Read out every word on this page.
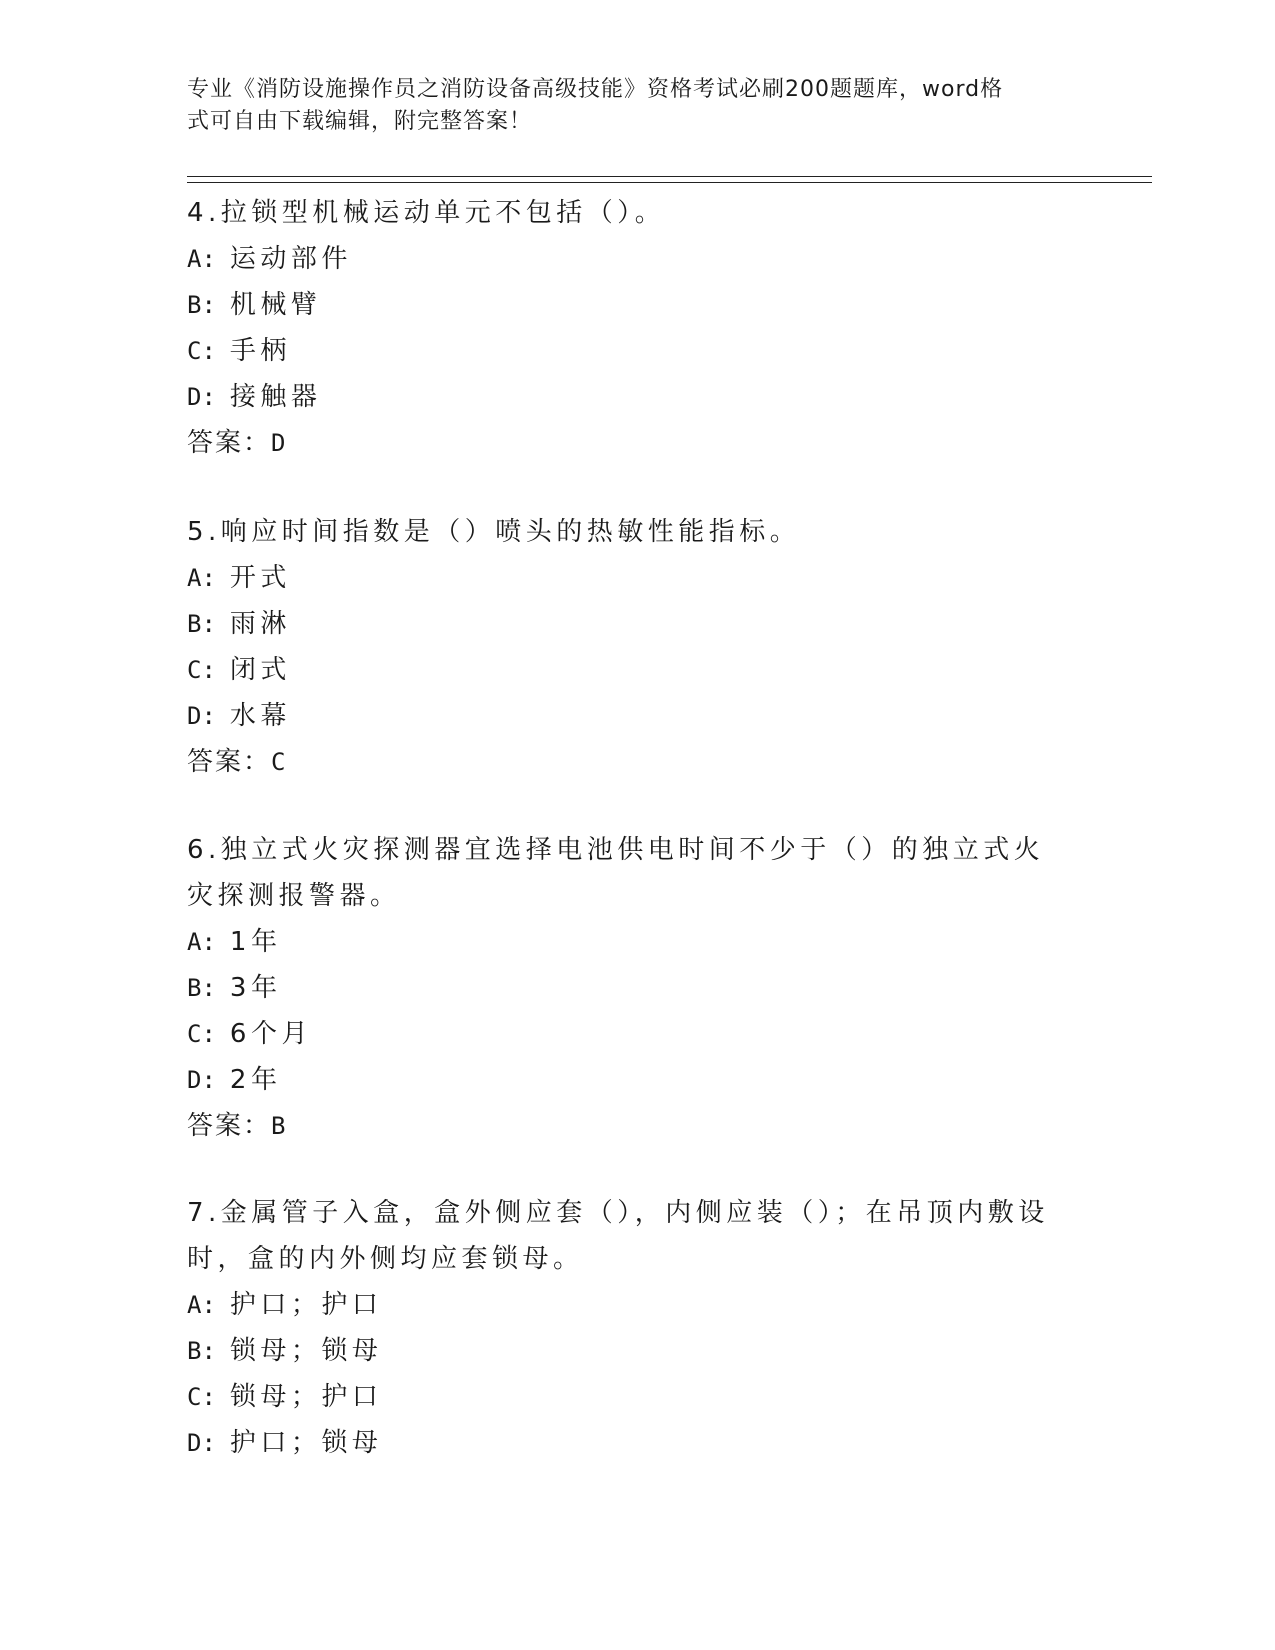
专业《消防设施操作员之消防设备高级技能》资格考试必刷200题题库，word格
式可自由下载编辑，附完整答案！

4.拉锁型机械运动单元不包括（）。

A: 运动部件
B: 机械臂
C: 手柄
D: 接触器
答案：D

5.响应时间指数是（）喷头的热敏性能指标。

A: 开式
B: 雨淋
C: 闭式
D: 水幕
答案：C

6.独立式火灾探测器宜选择电池供电时间不少于（）的独立式火灾探测报警器。

A: 1年
B: 3年
C: 6个月
D: 2年
答案：B

7.金属管子入盒，盒外侧应套（），内侧应装（）；在吊顶内敷设时，盒的内外侧均应套锁母。

A: 护口；护口
B: 锁母；锁母
C: 锁母；护口
D: 护口；锁母
